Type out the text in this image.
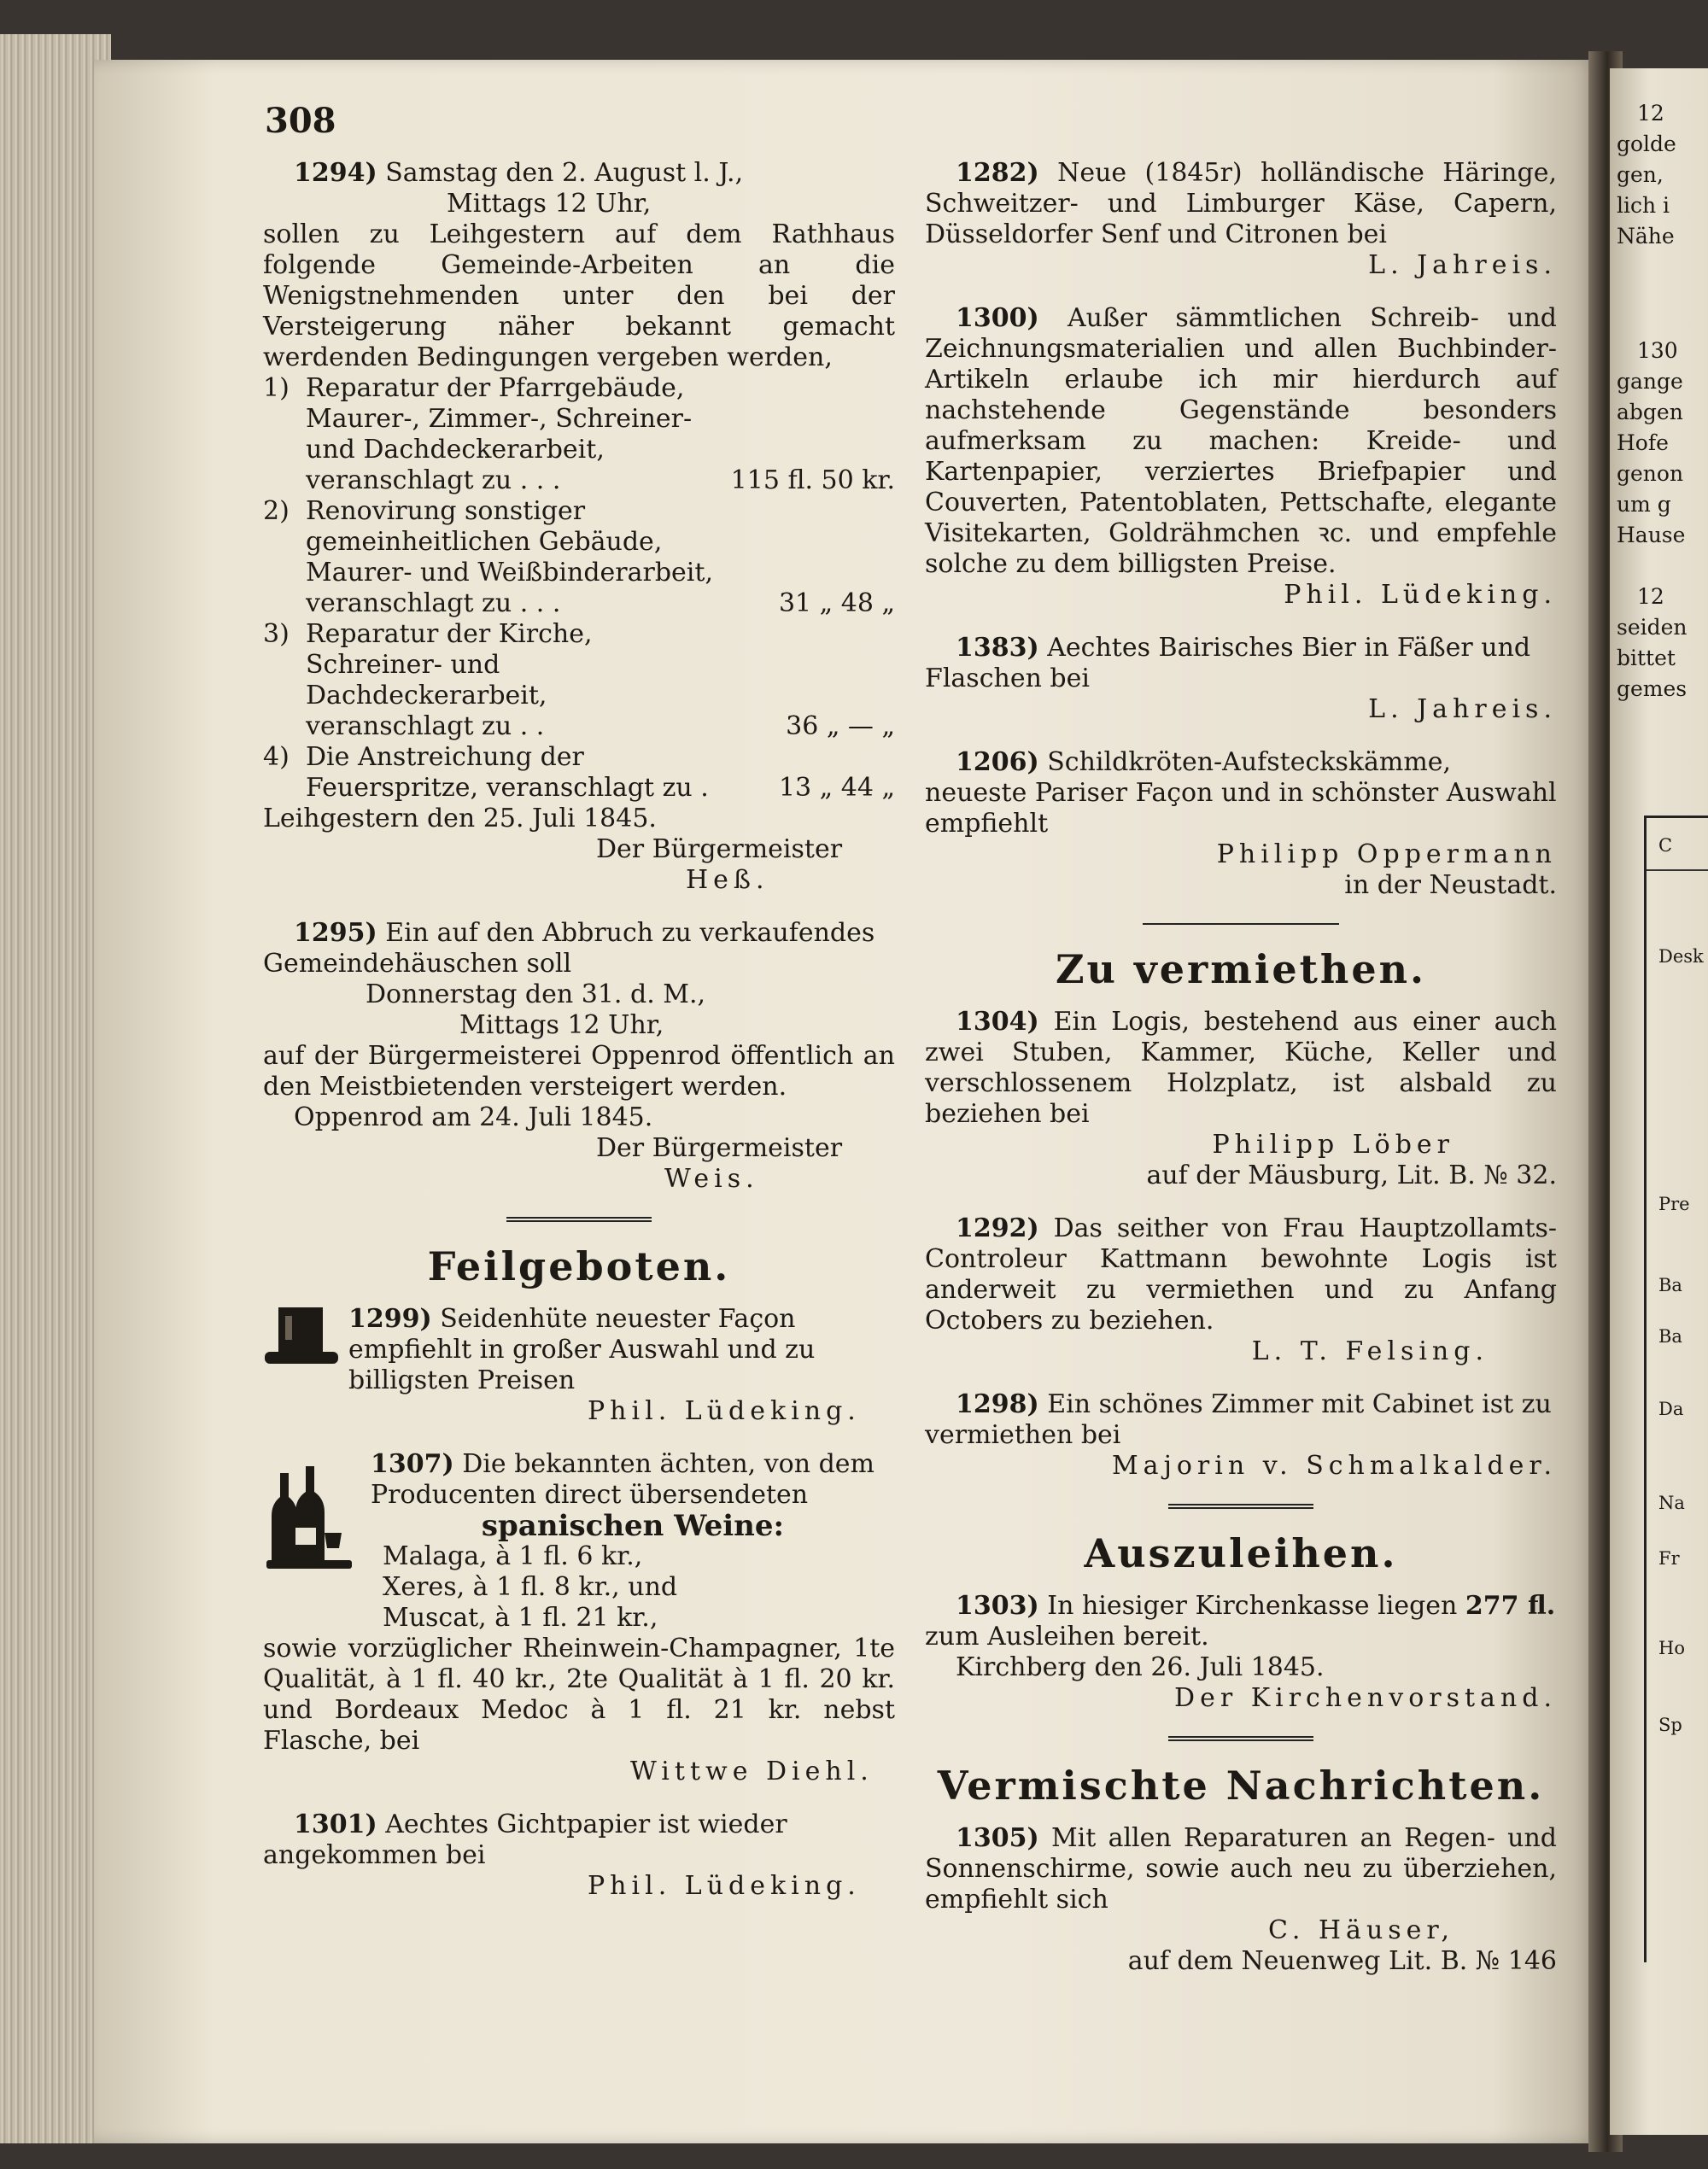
12
golde
gen,
lich i
Nähe
130
gange
abgen
Hofe
genon
um g
Hause
12
seiden
bittet
gemes
C
Desk
Pre
Ba
Ba
Da
Na
Fr
Ho
Sp
308

1294) Samstag den 2. August l. J.,

Mittags 12 Uhr,

sollen zu Leihgestern auf dem Rathhaus folgende Gemeinde-Arbeiten an die Wenigstnehmenden unter den bei der Versteigerung näher bekannt gemacht werdenden Bedingungen vergeben werden,

1) Reparatur der Pfarrgebäude, Maurer-, Zimmer-, Schreiner- und Dachdeckerarbeit, veranschlagt zu . . .	115 fl. 50 kr.
2) Renovirung sonstiger gemeinheitlichen Gebäude, Maurer- und Weißbinderarbeit, veranschlagt zu . . .	31 „ 48 „
3) Reparatur der Kirche, Schreiner- und Dachdeckerarbeit, veranschlagt zu . .	36 „ — „
4) Die Anstreichung der Feuerspritze, veranschlagt zu .	13 „ 44 „

Leihgestern den 25. Juli 1845.

Der Bürgermeister

Heß.

1295) Ein auf den Abbruch zu verkaufendes Gemeindehäuschen soll

Donnerstag den 31. d. M.,

Mittags 12 Uhr,

auf der Bürgermeisterei Oppenrod öffentlich an den Meistbietenden versteigert werden.

Oppenrod am 24. Juli 1845.

Der Bürgermeister

Weis.

Feilgeboten.

1299) Seidenhüte neuester Façon empfiehlt in großer Auswahl und zu billigsten Preisen

Phil. Lüdeking.

1307) Die bekannten ächten, von dem Producenten direct übersendeten

spanischen Weine:

Malaga, à 1 fl. 6 kr.,

Xeres, à 1 fl. 8 kr., und

Muscat, à 1 fl. 21 kr.,

sowie vorzüglicher Rheinwein-Champagner, 1te Qualität, à 1 fl. 40 kr., 2te Qualität à 1 fl. 20 kr. und Bordeaux Medoc à 1 fl. 21 kr. nebst Flasche, bei

Wittwe Diehl.

1301) Aechtes Gichtpapier ist wieder angekommen bei

Phil. Lüdeking.

1282) Neue (1845r) holländische Häringe, Schweitzer- und Limburger Käse, Capern, Düsseldorfer Senf und Citronen bei

L. Jahreis.

1300) Außer sämmtlichen Schreib- und Zeichnungsmaterialien und allen Buchbinder-Artikeln erlaube ich mir hierdurch auf nachstehende Gegenstände besonders aufmerksam zu machen: Kreide- und Kartenpapier, verziertes Briefpapier und Couverten, Patentoblaten, Pettschafte, elegante Visitekarten, Goldrähmchen ꝛc. und empfehle solche zu dem billigsten Preise.

Phil. Lüdeking.

1383) Aechtes Bairisches Bier in Fäßer und Flaschen bei

L. Jahreis.

1206) Schildkröten-Aufsteckskämme, neueste Pariser Façon und in schönster Auswahl empfiehlt

Philipp Oppermann

in der Neustadt.

Zu vermiethen.

1304) Ein Logis, bestehend aus einer auch zwei Stuben, Kammer, Küche, Keller und verschlossenem Holzplatz, ist alsbald zu beziehen bei

Philipp Löber

auf der Mäusburg, Lit. B. № 32.

1292) Das seither von Frau Hauptzollamts-Controleur Kattmann bewohnte Logis ist anderweit zu vermiethen und zu Anfang Octobers zu beziehen.

L. T. Felsing.

1298) Ein schönes Zimmer mit Cabinet ist zu vermiethen bei

Majorin v. Schmalkalder.

Auszuleihen.

1303) In hiesiger Kirchenkasse liegen 277 fl.

zum Ausleihen bereit.

Kirchberg den 26. Juli 1845.

Der Kirchenvorstand.

Vermischte Nachrichten.

1305) Mit allen Reparaturen an Regen- und Sonnenschirme, sowie auch neu zu überziehen, empfiehlt sich

C. Häuser,

auf dem Neuenweg Lit. B. № 146
